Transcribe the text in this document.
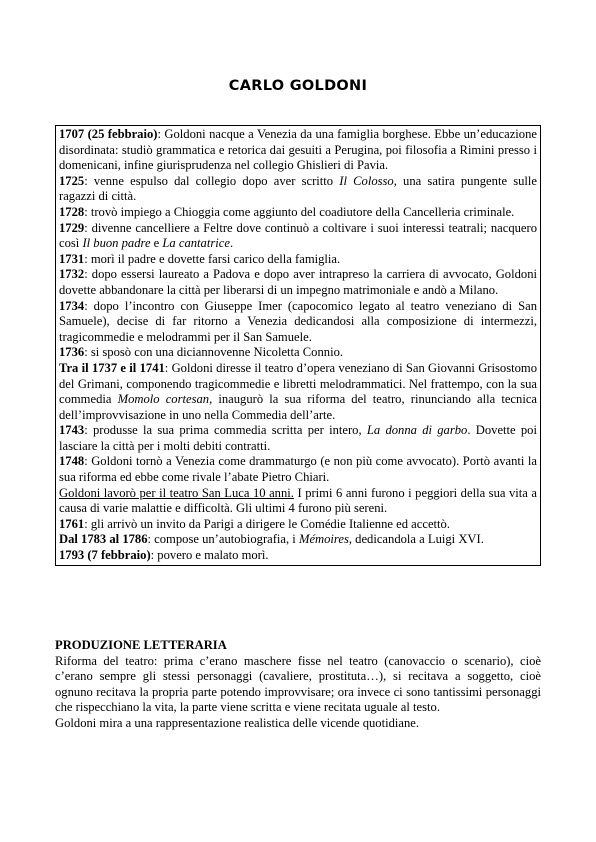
CARLO GOLDONI

1707 (25 febbraio): Goldoni nacque a Venezia da una famiglia borghese. Ebbe un’educazione disordinata: studiò grammatica e retorica dai gesuiti a Perugina, poi filosofia a Rimini presso i domenicani, infine giurisprudenza nel collegio Ghislieri di Pavia.

1725: venne espulso dal collegio dopo aver scritto Il Colosso, una satira pungente sulle ragazzi di città.

1728: trovò impiego a Chioggia come aggiunto del coadiutore della Cancelleria criminale.

1729: divenne cancelliere a Feltre dove continuò a coltivare i suoi interessi teatrali; nacquero così Il buon padre e La cantatrice.

1731: morì il padre e dovette farsi carico della famiglia.

1732: dopo essersi laureato a Padova e dopo aver intrapreso la carriera di avvocato, Goldoni dovette abbandonare la città per liberarsi di un impegno matrimoniale e andò a Milano.

1734: dopo l’incontro con Giuseppe Imer (capocomico legato al teatro veneziano di San Samuele), decise di far ritorno a Venezia dedicandosi alla composizione di intermezzi, tragicommedie e melodrammi per il San Samuele.

1736: si sposò con una diciannovenne Nicoletta Connio.

Tra il 1737 e il 1741: Goldoni diresse il teatro d’opera veneziano di San Giovanni Grisostomo del Grimani, componendo tragicommedie e libretti melodrammatici. Nel frattempo, con la sua commedia Momolo cortesan, inaugurò la sua riforma del teatro, rinunciando alla tecnica dell’improvvisazione in uno nella Commedia dell’arte.

1743: produsse la sua prima commedia scritta per intero, La donna di garbo. Dovette poi lasciare la città per i molti debiti contratti.

1748: Goldoni tornò a Venezia come drammaturgo (e non più come avvocato). Portò avanti la sua riforma ed ebbe come rivale l’abate Pietro Chiari.

Goldoni lavorò per il teatro San Luca 10 anni. I primi 6 anni furono i peggiori della sua vita a causa di varie malattie e difficoltà. Gli ultimi 4 furono più sereni.

1761: gli arrivò un invito da Parigi a dirigere le Comédie Italienne ed accettò.

Dal 1783 al 1786: compose un’autobiografia, i Mémoires, dedicandola a Luigi XVI.

1793 (7 febbraio): povero e malato morì.

PRODUZIONE LETTERARIA

Riforma del teatro: prima c’erano maschere fisse nel teatro (canovaccio o scenario), cioè c’erano sempre gli stessi personaggi (cavaliere, prostituta…), si recitava a soggetto, cioè ognuno recitava la propria parte potendo improvvisare; ora invece ci sono tantissimi personaggi che rispecchiano la vita, la parte viene scritta e viene recitata uguale al testo.

Goldoni mira a una rappresentazione realistica delle vicende quotidiane.
